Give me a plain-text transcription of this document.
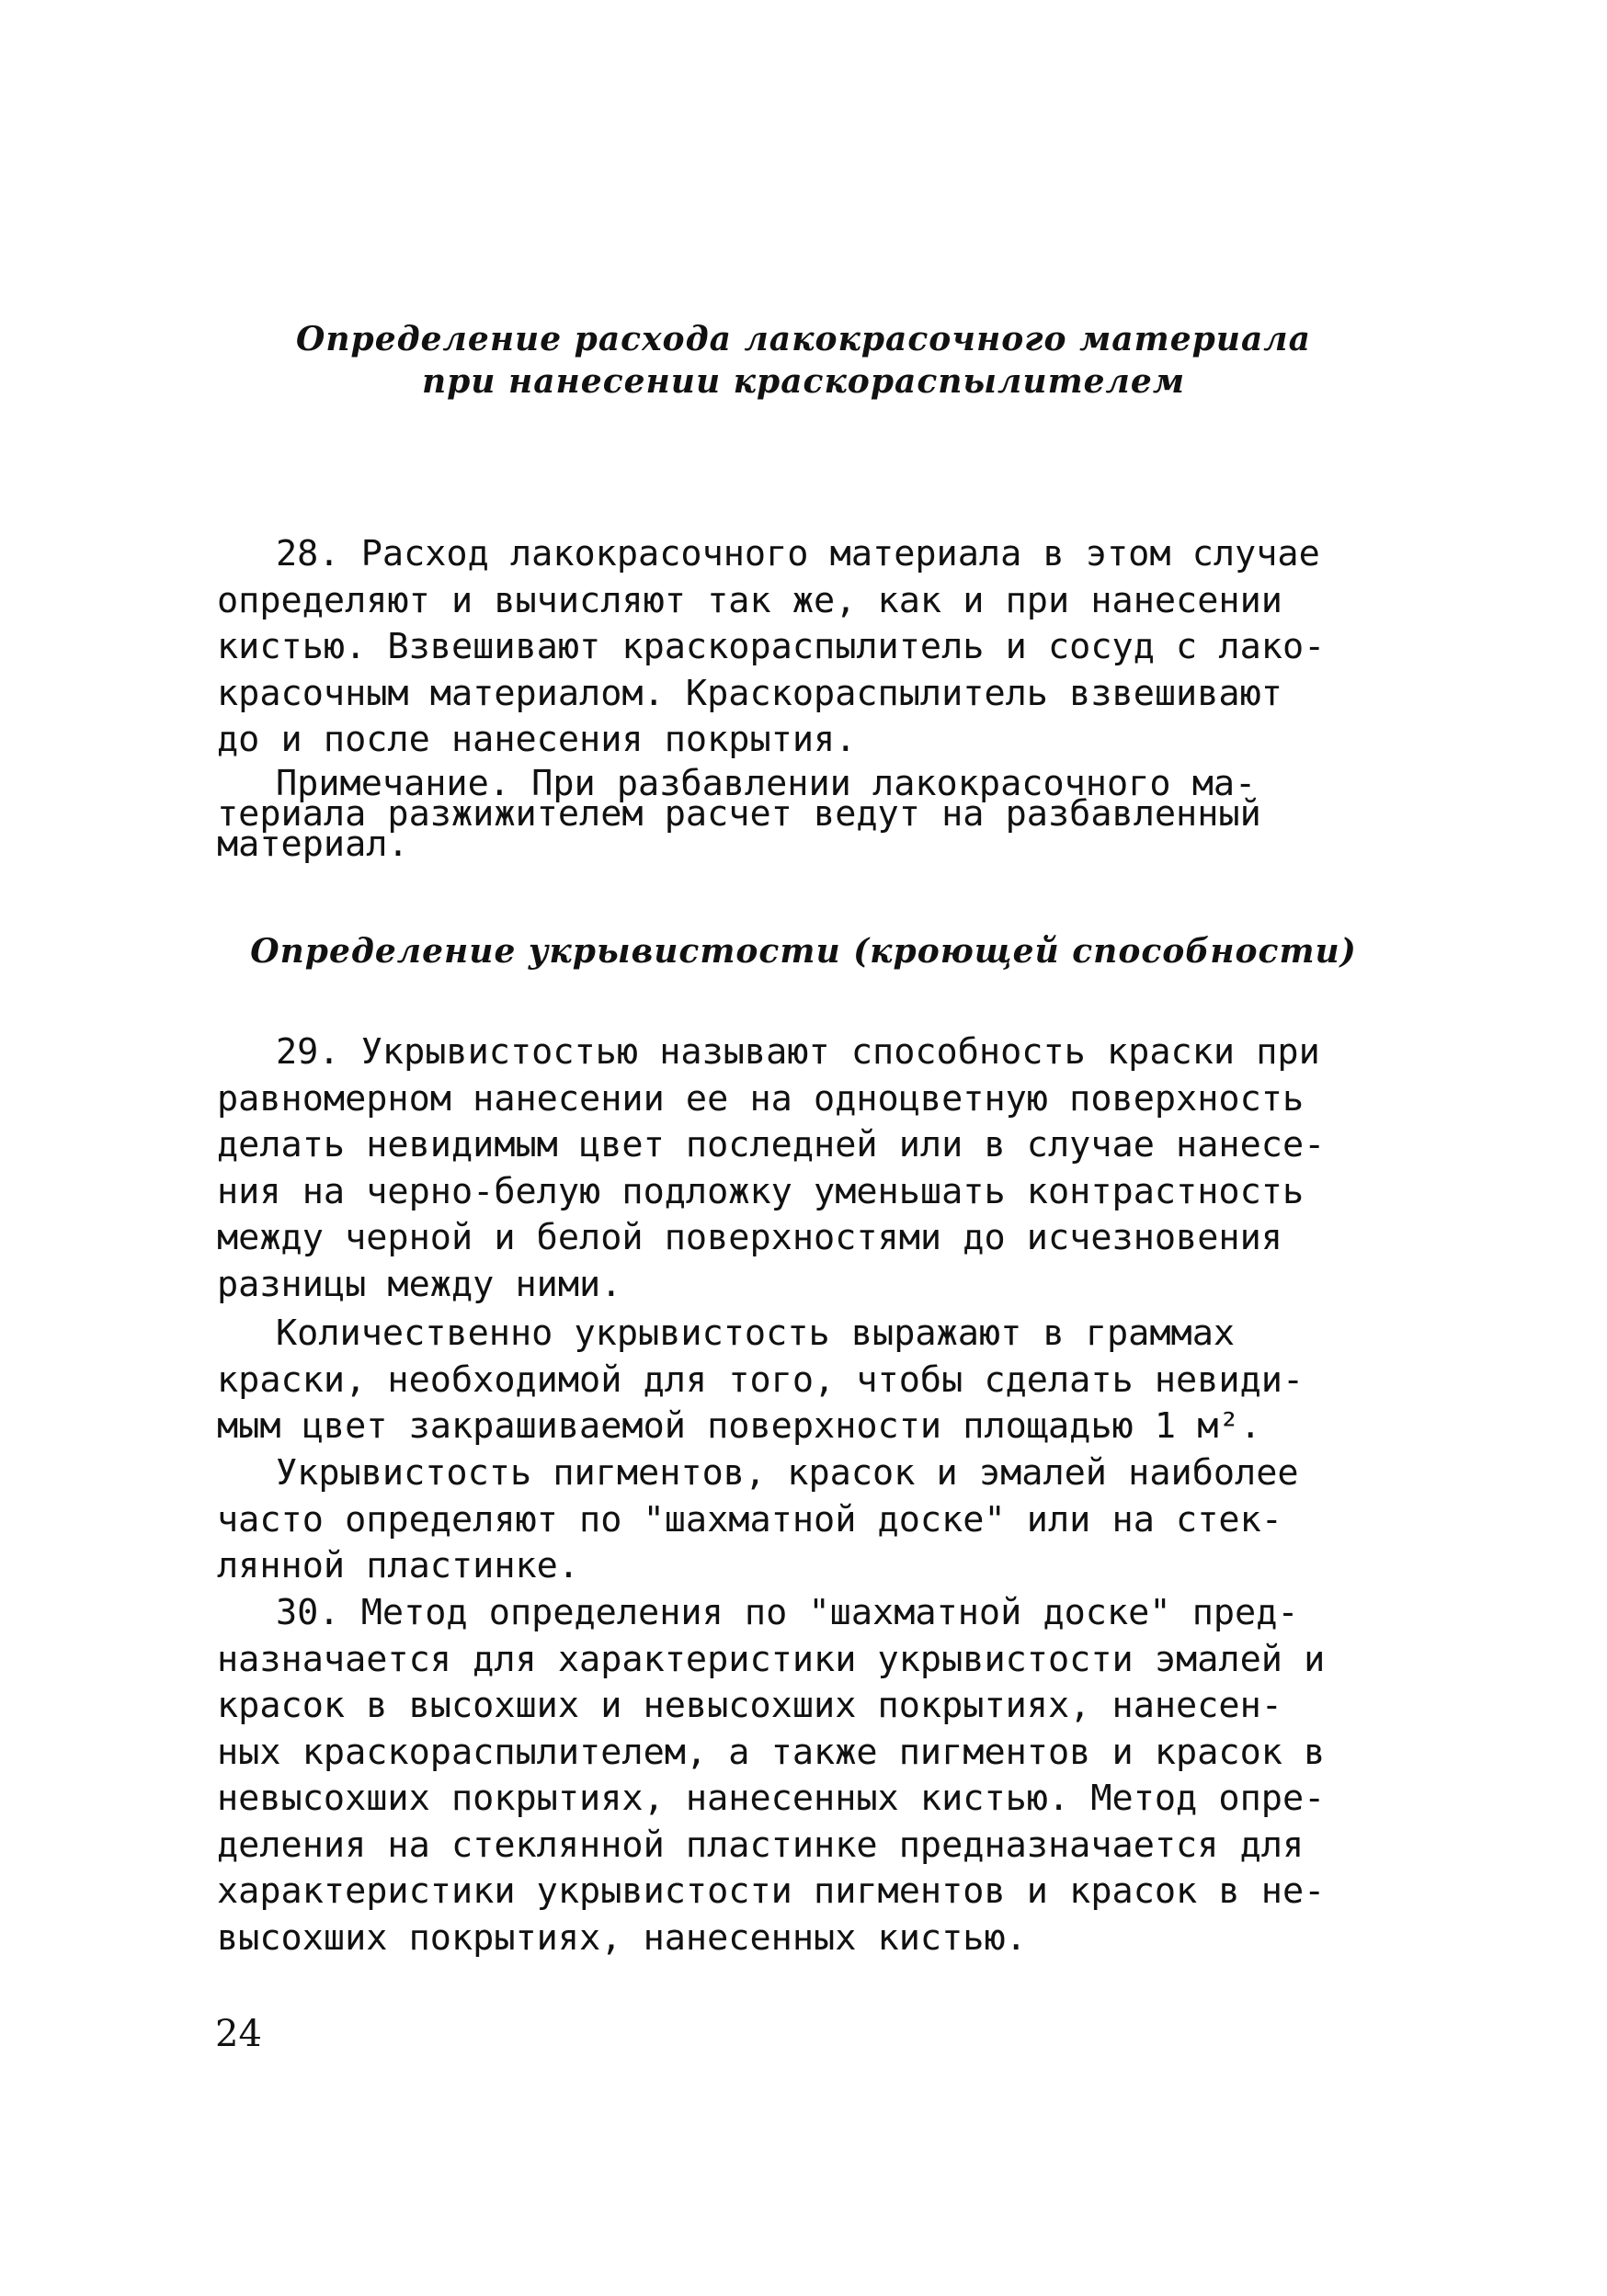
Определение расхода лакокрасочного материала
при нанесении краскораспылителем
28. Расход лакокрасочного материала в этом случае
определяют и вычисляют так же, как и при нанесении
кистью. Взвешивают краскораспылитель и сосуд с лако-
красочным материалом. Краскораспылитель взвешивают
до и после нанесения покрытия.
Примечание. При разбавлении лакокрасочного ма-
териала разжижителем расчет ведут на разбавленный
материал.
Определение укрывистости (кроющей способности)
29. Укрывистостью называют способность краски при
равномерном нанесении ее на одноцветную поверхность
делать невидимым цвет последней или в случае нанесе-
ния на черно-белую подложку уменьшать контрастность
между черной и белой поверхностями до исчезновения
разницы между ними.
Количественно укрывистость выражают в граммах
краски, необходимой для того, чтобы сделать невиди-
мым цвет закрашиваемой поверхности площадью 1 м².
Укрывистость пигментов, красок и эмалей наиболее
часто определяют по "шахматной доске" или на стек-
лянной пластинке.
30. Метод определения по "шахматной доске" пред-
назначается для характеристики укрывистости эмалей и
красок в высохших и невысохших покрытиях, нанесен-
ных краскораспылителем, а также пигментов и красок в
невысохших покрытиях, нанесенных кистью. Метод опре-
деления на стеклянной пластинке предназначается для
характеристики укрывистости пигментов и красок в не-
высохших покрытиях, нанесенных кистью.
24
